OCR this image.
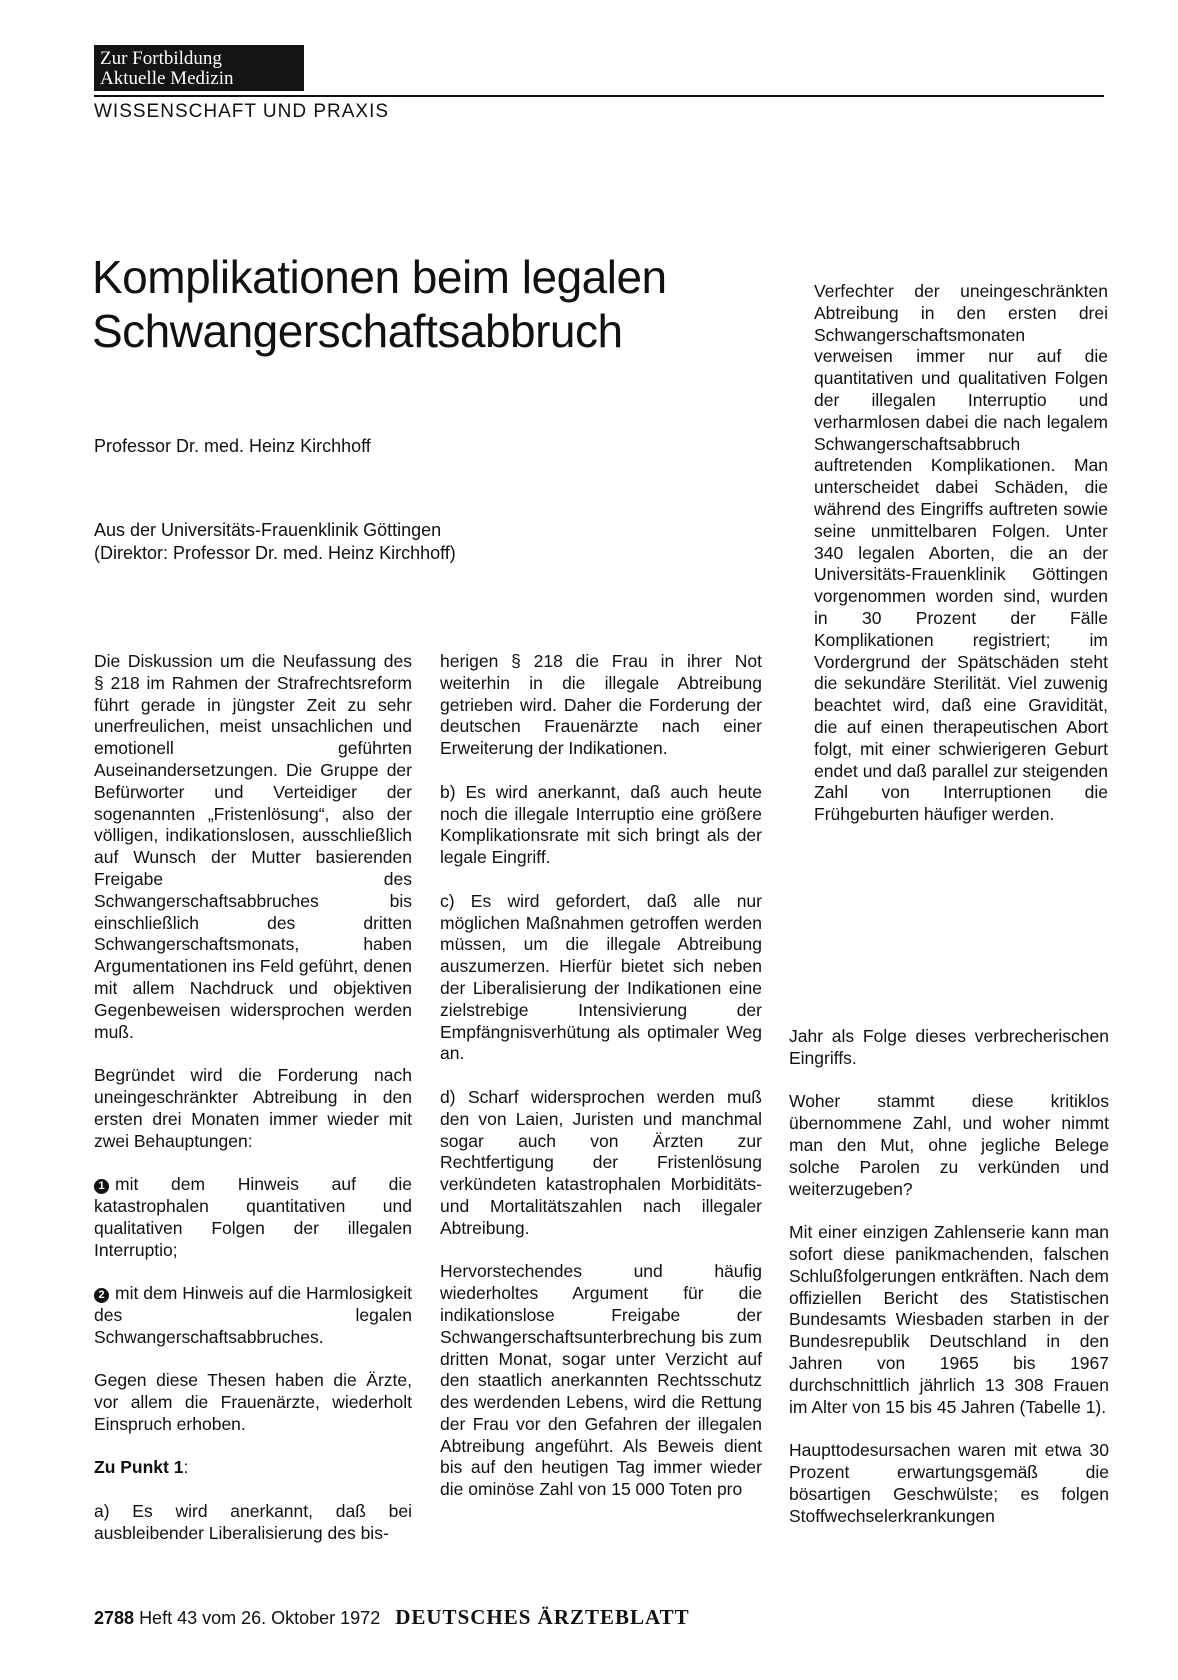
Zur Fortbildung
Aktuelle Medizin
WISSENSCHAFT UND PRAXIS
Komplikationen beim legalen
Schwangerschaftsabbruch
Professor Dr. med. Heinz Kirchhoff
Aus der Universitäts-Frauenklinik Göttingen
(Direktor: Professor Dr. med. Heinz Kirchhoff)

Die Diskussion um die Neufassung des § 218 im Rahmen der Strafrechtsreform führt gerade in jüngster Zeit zu sehr unerfreulichen, meist unsachlichen und emotionell geführten Auseinandersetzungen. Die Gruppe der Befürworter und Verteidiger der sogenannten „Fristenlösung“, also der völligen, indikationslosen, ausschließlich auf Wunsch der Mutter basierenden Freigabe des Schwangerschaftsabbruches bis einschließlich des dritten Schwangerschaftsmonats, haben Argumentationen ins Feld geführt, denen mit allem Nachdruck und objektiven Gegenbeweisen widersprochen werden muß.

Begründet wird die Forderung nach uneingeschränkter Abtreibung in den ersten drei Monaten immer wieder mit zwei Behauptungen:

1 mit dem Hinweis auf die katastrophalen quantitativen und qualitativen Folgen der illegalen Interruptio;

2 mit dem Hinweis auf die Harmlosigkeit des legalen Schwangerschaftsabbruches.

Gegen diese Thesen haben die Ärzte, vor allem die Frauenärzte, wiederholt Einspruch erhoben.

Zu Punkt 1:

a) Es wird anerkannt, daß bei ausbleibender Liberalisierung des bis-

herigen § 218 die Frau in ihrer Not weiterhin in die illegale Abtreibung getrieben wird. Daher die Forderung der deutschen Frauenärzte nach einer Erweiterung der Indikationen.

b) Es wird anerkannt, daß auch heute noch die illegale Interruptio eine größere Komplikationsrate mit sich bringt als der legale Eingriff.

c) Es wird gefordert, daß alle nur möglichen Maßnahmen getroffen werden müssen, um die illegale Abtreibung auszumerzen. Hierfür bietet sich neben der Liberalisierung der Indikationen eine zielstrebige Intensivierung der Empfängnisverhütung als optimaler Weg an.

d) Scharf widersprochen werden muß den von Laien, Juristen und manchmal sogar auch von Ärzten zur Rechtfertigung der Fristenlösung verkündeten katastrophalen Morbiditäts- und Mortalitätszahlen nach illegaler Abtreibung.

Hervorstechendes und häufig wiederholtes Argument für die indikationslose Freigabe der Schwangerschaftsunterbrechung bis zum dritten Monat, sogar unter Verzicht auf den staatlich anerkannten Rechtsschutz des werdenden Lebens, wird die Rettung der Frau vor den Gefahren der illegalen Abtreibung angeführt. Als Beweis dient bis auf den heutigen Tag immer wieder die ominöse Zahl von 15 000 Toten pro

Verfechter der uneingeschränkten Abtreibung in den ersten drei Schwangerschaftsmonaten verweisen immer nur auf die quantitativen und qualitativen Folgen der illegalen Interruptio und verharmlosen dabei die nach legalem Schwangerschaftsabbruch auftretenden Komplikationen. Man unterscheidet dabei Schäden, die während des Eingriffs auftreten sowie seine unmittelbaren Folgen. Unter 340 legalen Aborten, die an der Universitäts-Frauenklinik Göttingen vorgenommen worden sind, wurden in 30 Prozent der Fälle Komplikationen registriert; im Vordergrund der Spätschäden steht die sekundäre Sterilität. Viel zuwenig beachtet wird, daß eine Gravidität, die auf einen therapeutischen Abort folgt, mit einer schwierigeren Geburt endet und daß parallel zur steigenden Zahl von Interruptionen die Frühgeburten häufiger werden.

Jahr als Folge dieses verbrecherischen Eingriffs.

Woher stammt diese kritiklos übernommene Zahl, und woher nimmt man den Mut, ohne jegliche Belege solche Parolen zu verkünden und weiterzugeben?

Mit einer einzigen Zahlenserie kann man sofort diese panikmachenden, falschen Schlußfolgerungen entkräften. Nach dem offiziellen Bericht des Statistischen Bundesamts Wiesbaden starben in der Bundesrepublik Deutschland in den Jahren von 1965 bis 1967 durchschnittlich jährlich 13 308 Frauen im Alter von 15 bis 45 Jahren (Tabelle 1).

Haupttodesursachen waren mit etwa 30 Prozent erwartungsgemäß die bösartigen Geschwülste; es folgen Stoffwechselerkrankungen

2788 Heft 43 vom 26. Oktober 1972 DEUTSCHES ÄRZTEBLATT
